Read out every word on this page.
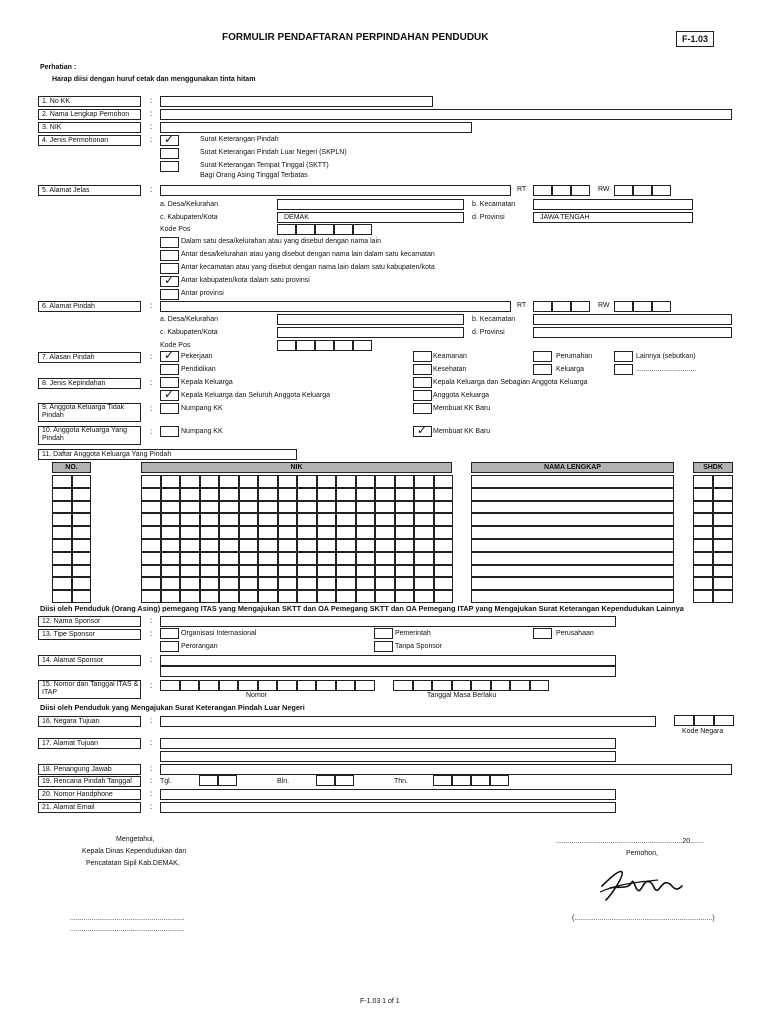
FORMULIR PENDAFTARAN PERPINDAHAN PENDUDUK	F-1.03
Perhatian :
Harap diisi dengan huruf cetak dan menggunakan tinta hitam
1. No KK	:
2. Nama Lengkap Pemohon	:
3. NIK	:
4. Jenis Permohonan	: ✓	Surat Keterangan Pindah
Surat Keterangan Pindah Luar Negeri (SKPLN)
Surat Keterangan Tempat Tinggal (SKTT)
Bagi Orang Asing Tinggal Terbatas
5. Alamat Jelas	:	RT	RW
a. Desa/Kelurahan	b. Kecamatan
c. Kabupaten/Kota	DEMAK	d. Provinsi	JAWA TENGAH
Kode Pos
Dalam satu desa/kelurahan atau yang disebut dengan nama lain
Antar desa/kelurahan atau yang disebut dengan nama lain dalam satu kecamatan
Antar kecamatan atau yang disebut dengan nama lain dalam satu kabupaten/kota
✓ Antar kabupaten/kota dalam satu provinsi
Antar provinsi
6. Alamat Pindah	:	RT	RW
a. Desa/Kelurahan	b. Kecamatan
c. Kabupaten/Kota	d. Provinsi
Kode Pos
7. Alasan Pindah	: ✓ Pekerjaan
Pendidikan
Keamanan
Kesehatan
Perumahan
Keluarga
Lainnya (sebutkan)
...............................
8. Jenis Kepindahan	:	Kepala Keluarga
✓ Kepala Keluarga dan Seluruh Anggota Keluarga
Kepala Keluarga dan Sebagian Anggota Keluarga
Anggota Keluarga
9. Anggota Keluarga Tidak Pindah
:	Numpang KK	Membuat KK Baru
10. Anggota Keluarga Yang Pindah
:	Numpang KK	✓ Membuat KK Baru
11. Daftar Anggota Keluarga Yang Pindah
NO.	NIK	NAMA LENGKAP	SHDK
Diisi oleh Penduduk (Orang Asing) pemegang ITAS yang Mengajukan SKTT dan OA Pemegang SKTT dan OA Pemegang ITAP yang Mengajukan Surat Keterangan Kependudukan Lainnya
12. Nama Sponsor	:
13. Tipe Sponsor	:	Organisasi Internasional	Pemerintah	Perusahaan
Perorangan	Tanpa Sponsor
14. Alamat Sponsor	:
15. Nomor dan Tanggal ITAS & ITAP
:
Nomor	Tanggal Masa Berlaku
Diisi oleh Penduduk yang Mengajukan Surat Keterangan Pindah Luar Negeri
16. Negara Tujuan	:
Kode Negara
17. Alamat Tujuan	:
18. Penangung Jawab	:
19. Rencana Pindah Tanggal	: Tgl.	Bln.	Thn.
20. Nomor Handphone	:
21. Alamat Email	:
Mengetahui,
Kepala Dinas Kependudukan dan
Pencatatan Sipil Kab.DEMAK,
...........................................................
...........................................................
.................................................................20.......
Pemohon,
(.......................................................................)
F-1.03 1 of 1
